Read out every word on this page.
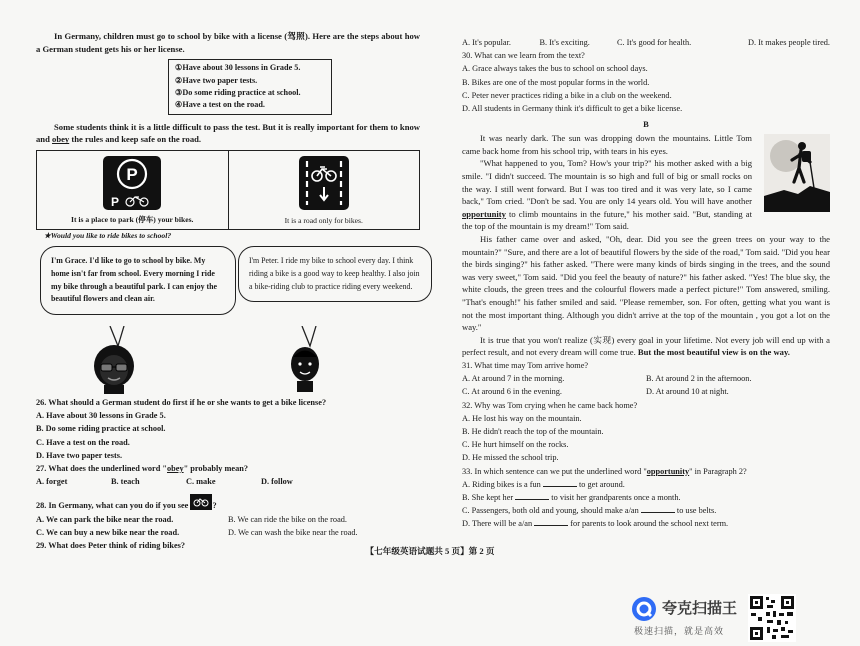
In Germany, children must go to school by bike with a license (驾照). Here are the steps about how a German student gets his or her license.

①Have about 30 lessons in Grade 5.
②Have two paper tests.
③Do some riding practice at school.
④Have a test on the road.

Some students think it is a little difficult to pass the test. But it is really important for them to know and obey the rules and keep safe on the road.

P
P
It is a place to park (停车) your bikes.	It is a road only for bikes.
★Would you like to ride bikes to school?
I'm Grace. I'd like to go to school by bike. My home isn't far from school. Every morning I ride my bike through a beautiful park. I can enjoy the beautiful flowers and clean air.
I'm Peter. I ride my bike to school every day. I think riding a bike is a good way to keep healthy. I also join a bike-riding club to practice riding every weekend.

26. What should a German student do first if he or she wants to get a bike license?

A. Have about 30 lessons in Grade 5.

B. Do some riding practice at school.

C. Have a test on the road.

D. Have two paper tests.

27. What does the underlined word "obey" probably mean?

A. forget	B. teach	C. make	D. follow

28. In Germany, what can you do if you see	?

A. We can park the bike near the road.	B. We can ride the bike on the road.
C. We can buy a new bike near the road.	D. We can wash the bike near the road.

29. What does Peter think of riding bikes?

A. It's popular.	B. It's exciting.	C. It's good for health.	D. It makes people tired.

30. What can we learn from the text?

A. Grace always takes the bus to school on school days.

B. Bikes are one of the most popular forms in the world.

C. Peter never practices riding a bike in a club on the weekend.

D. All students in Germany think it's difficult to get a bike license.

B

It was nearly dark. The sun was dropping down the mountains. Little Tom came back home from his school trip, with tears in his eyes.

"What happened to you, Tom? How's your trip?" his mother asked with a big smile. "I didn't succeed. The mountain is so high and full of big or small rocks on the way. I still went forward. But I was too tired and it was very late, so I came back," Tom cried. "Don't be sad. You are only 14 years old. You will have another opportunity to climb mountains in the future," his mother said. "But, standing at the top of the mountain is my dream!" Tom said.

His father came over and asked, "Oh, dear. Did you see the green trees on your way to the mountain?" "Sure, and there are a lot of beautiful flowers by the side of the road," Tom said. "Did you hear the birds singing?" his father asked. "There were many kinds of birds singing in the trees, and the sound was very sweet," Tom said. "Did you feel the beauty of nature?" his father asked. "Yes! The blue sky, the white clouds, the green trees and the colourful flowers made a perfect picture!" Tom answered, smiling. "That's enough!" his father smiled and said. "Please remember, son. For often, getting what you want is not the most important thing. Although you didn't arrive at the top of the mountain , you got a lot on the way."

It is true that you won't realize (实现) every goal in your lifetime. Not every job will end up with a perfect result, and not every dream will come true. But the most beautiful view is on the way.

31. What time may Tom arrive home?

A. At around 7 in the morning.	B. At around 2 in the afternoon.
C. At around 6 in the evening.	D. At around 10 at night.

32. Why was Tom crying when he came back home?

A. He lost his way on the mountain.

B. He didn't reach the top of the mountain.

C. He hurt himself on the rocks.

D. He missed the school trip.

33. In which sentence can we put the underlined word "opportunity" in Paragraph 2?

A. Riding bikes is a fun	to get around.

B. She kept her	to visit her grandparents once a month.

C. Passengers, both old and young, should make a/an	to use belts.

D. There will be a/an	for parents to look around the school next term.

【七年级英语试题共 5 页】第 2 页
夸克扫描王
极速扫描，就是高效
